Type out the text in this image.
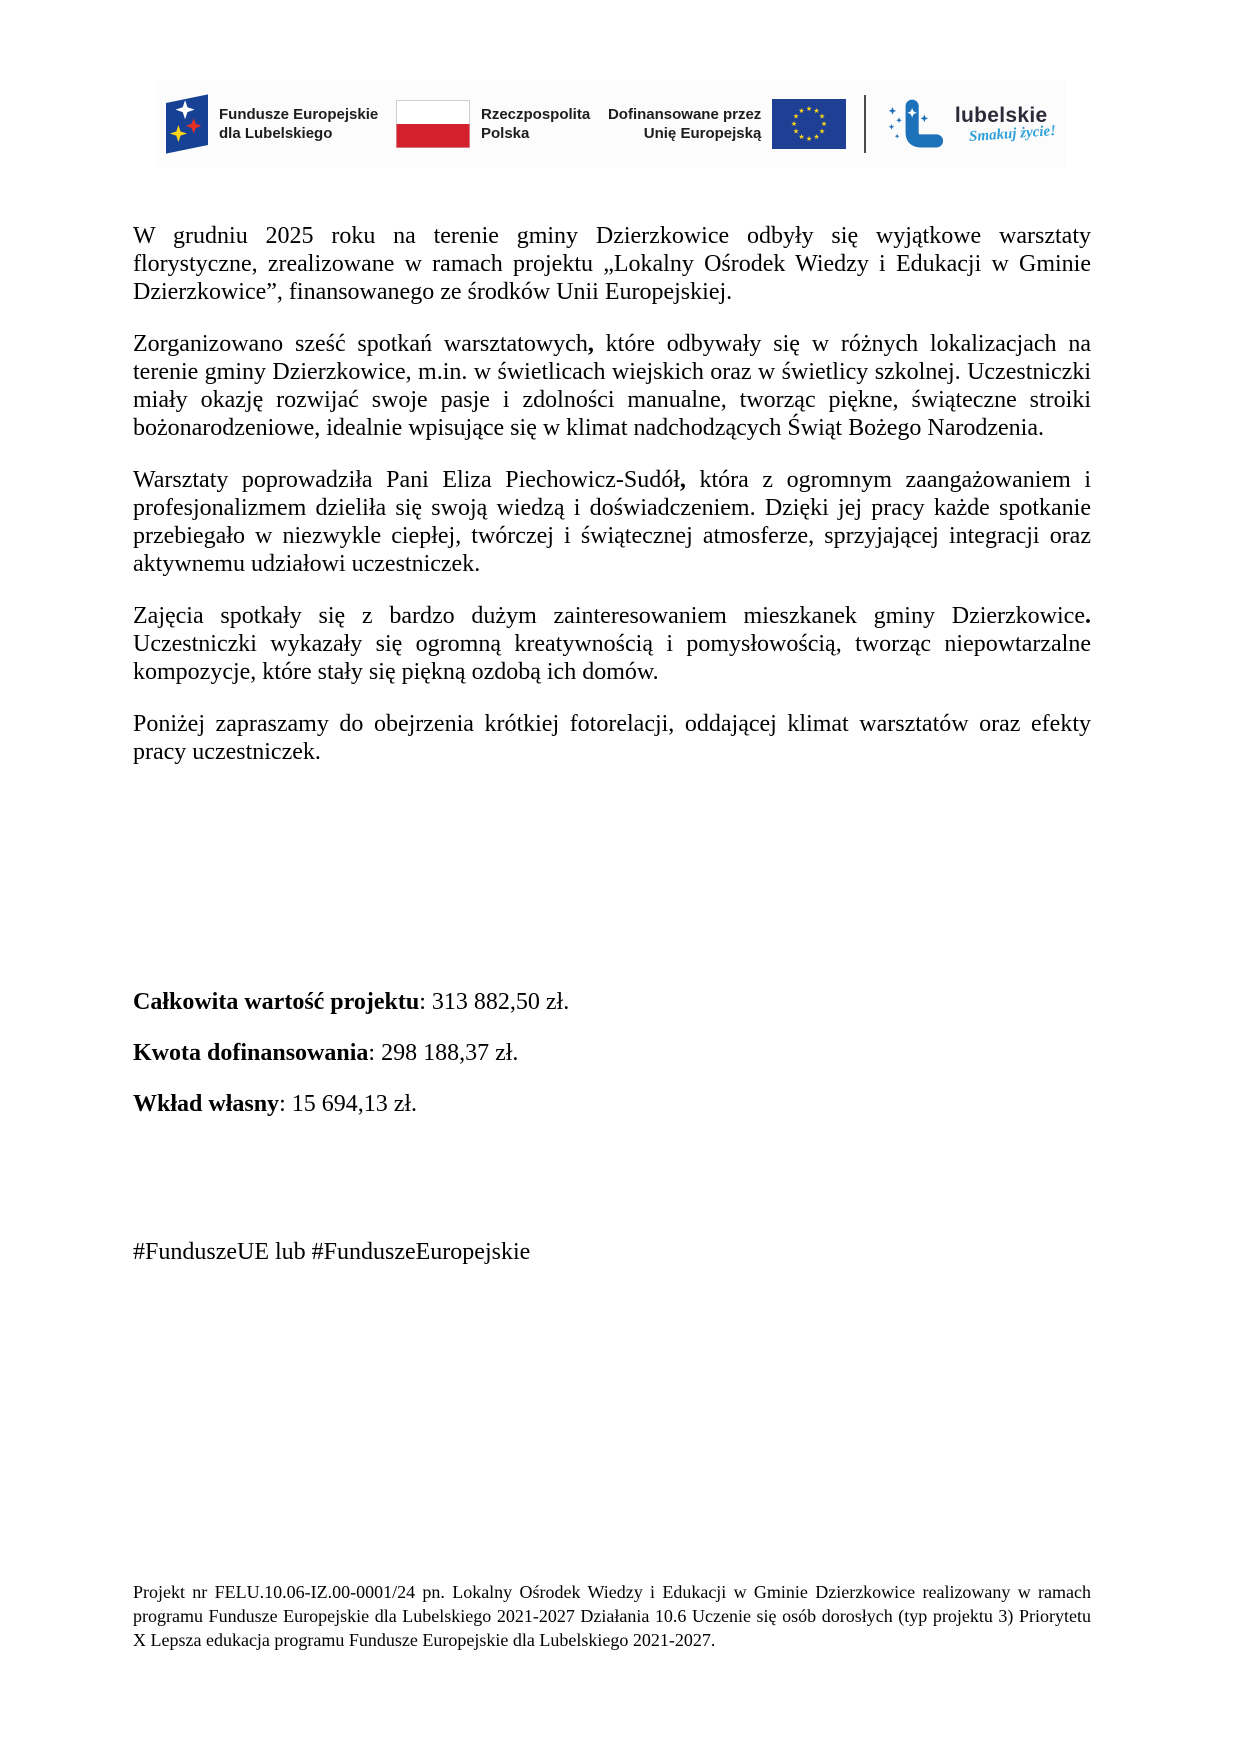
Fundusze Europejskie
dla Lubelskiego
Rzeczpospolita
Polska
Dofinansowane przez
Unię Europejską
★ ★
★
★
★
★
★
★
★
★
★
★	lubelskie
Smakuj życie!

W grudniu 2025 roku na terenie gminy Dzierzkowice odbyły się wyjątkowe warsztaty florystyczne, zrealizowane w ramach projektu „Lokalny Ośrodek Wiedzy i Edukacji w Gminie Dzierzkowice”, finansowanego ze środków Unii Europejskiej.

Zorganizowano sześć spotkań warsztatowych, które odbywały się w różnych lokalizacjach na terenie gminy Dzierzkowice, m.in. w świetlicach wiejskich oraz w świetlicy szkolnej. Uczestniczki miały okazję rozwijać swoje pasje i zdolności manualne, tworząc piękne, świąteczne stroiki bożonarodzeniowe, idealnie wpisujące się w klimat nadchodzących Świąt Bożego Narodzenia.

Warsztaty poprowadziła Pani Eliza Piechowicz-Sudół, która z ogromnym zaangażowaniem i profesjonalizmem dzieliła się swoją wiedzą i doświadczeniem. Dzięki jej pracy każde spotkanie przebiegało w niezwykle ciepłej, twórczej i świątecznej atmosferze, sprzyjającej integracji oraz aktywnemu udziałowi uczestniczek.

Zajęcia spotkały się z bardzo dużym zainteresowaniem mieszkanek gminy Dzierzkowice. Uczestniczki wykazały się ogromną kreatywnością i pomysłowością, tworząc niepowtarzalne kompozycje, które stały się piękną ozdobą ich domów.

Poniżej zapraszamy do obejrzenia krótkiej fotorelacji, oddającej klimat warsztatów oraz efekty pracy uczestniczek.

Całkowita wartość projektu: 313 882,50 zł.

Kwota dofinansowania: 298 188,37 zł.

Wkład własny: 15 694,13 zł.

#FunduszeUE lub #FunduszeEuropejskie

Projekt nr FELU.10.06-IZ.00-0001/24 pn. Lokalny Ośrodek Wiedzy i Edukacji w Gminie Dzierzkowice realizowany w ramach programu Fundusze Europejskie dla Lubelskiego 2021-2027 Działania 10.6 Uczenie się osób dorosłych (typ projektu 3) Priorytetu X Lepsza edukacja programu Fundusze Europejskie dla Lubelskiego 2021-2027.
